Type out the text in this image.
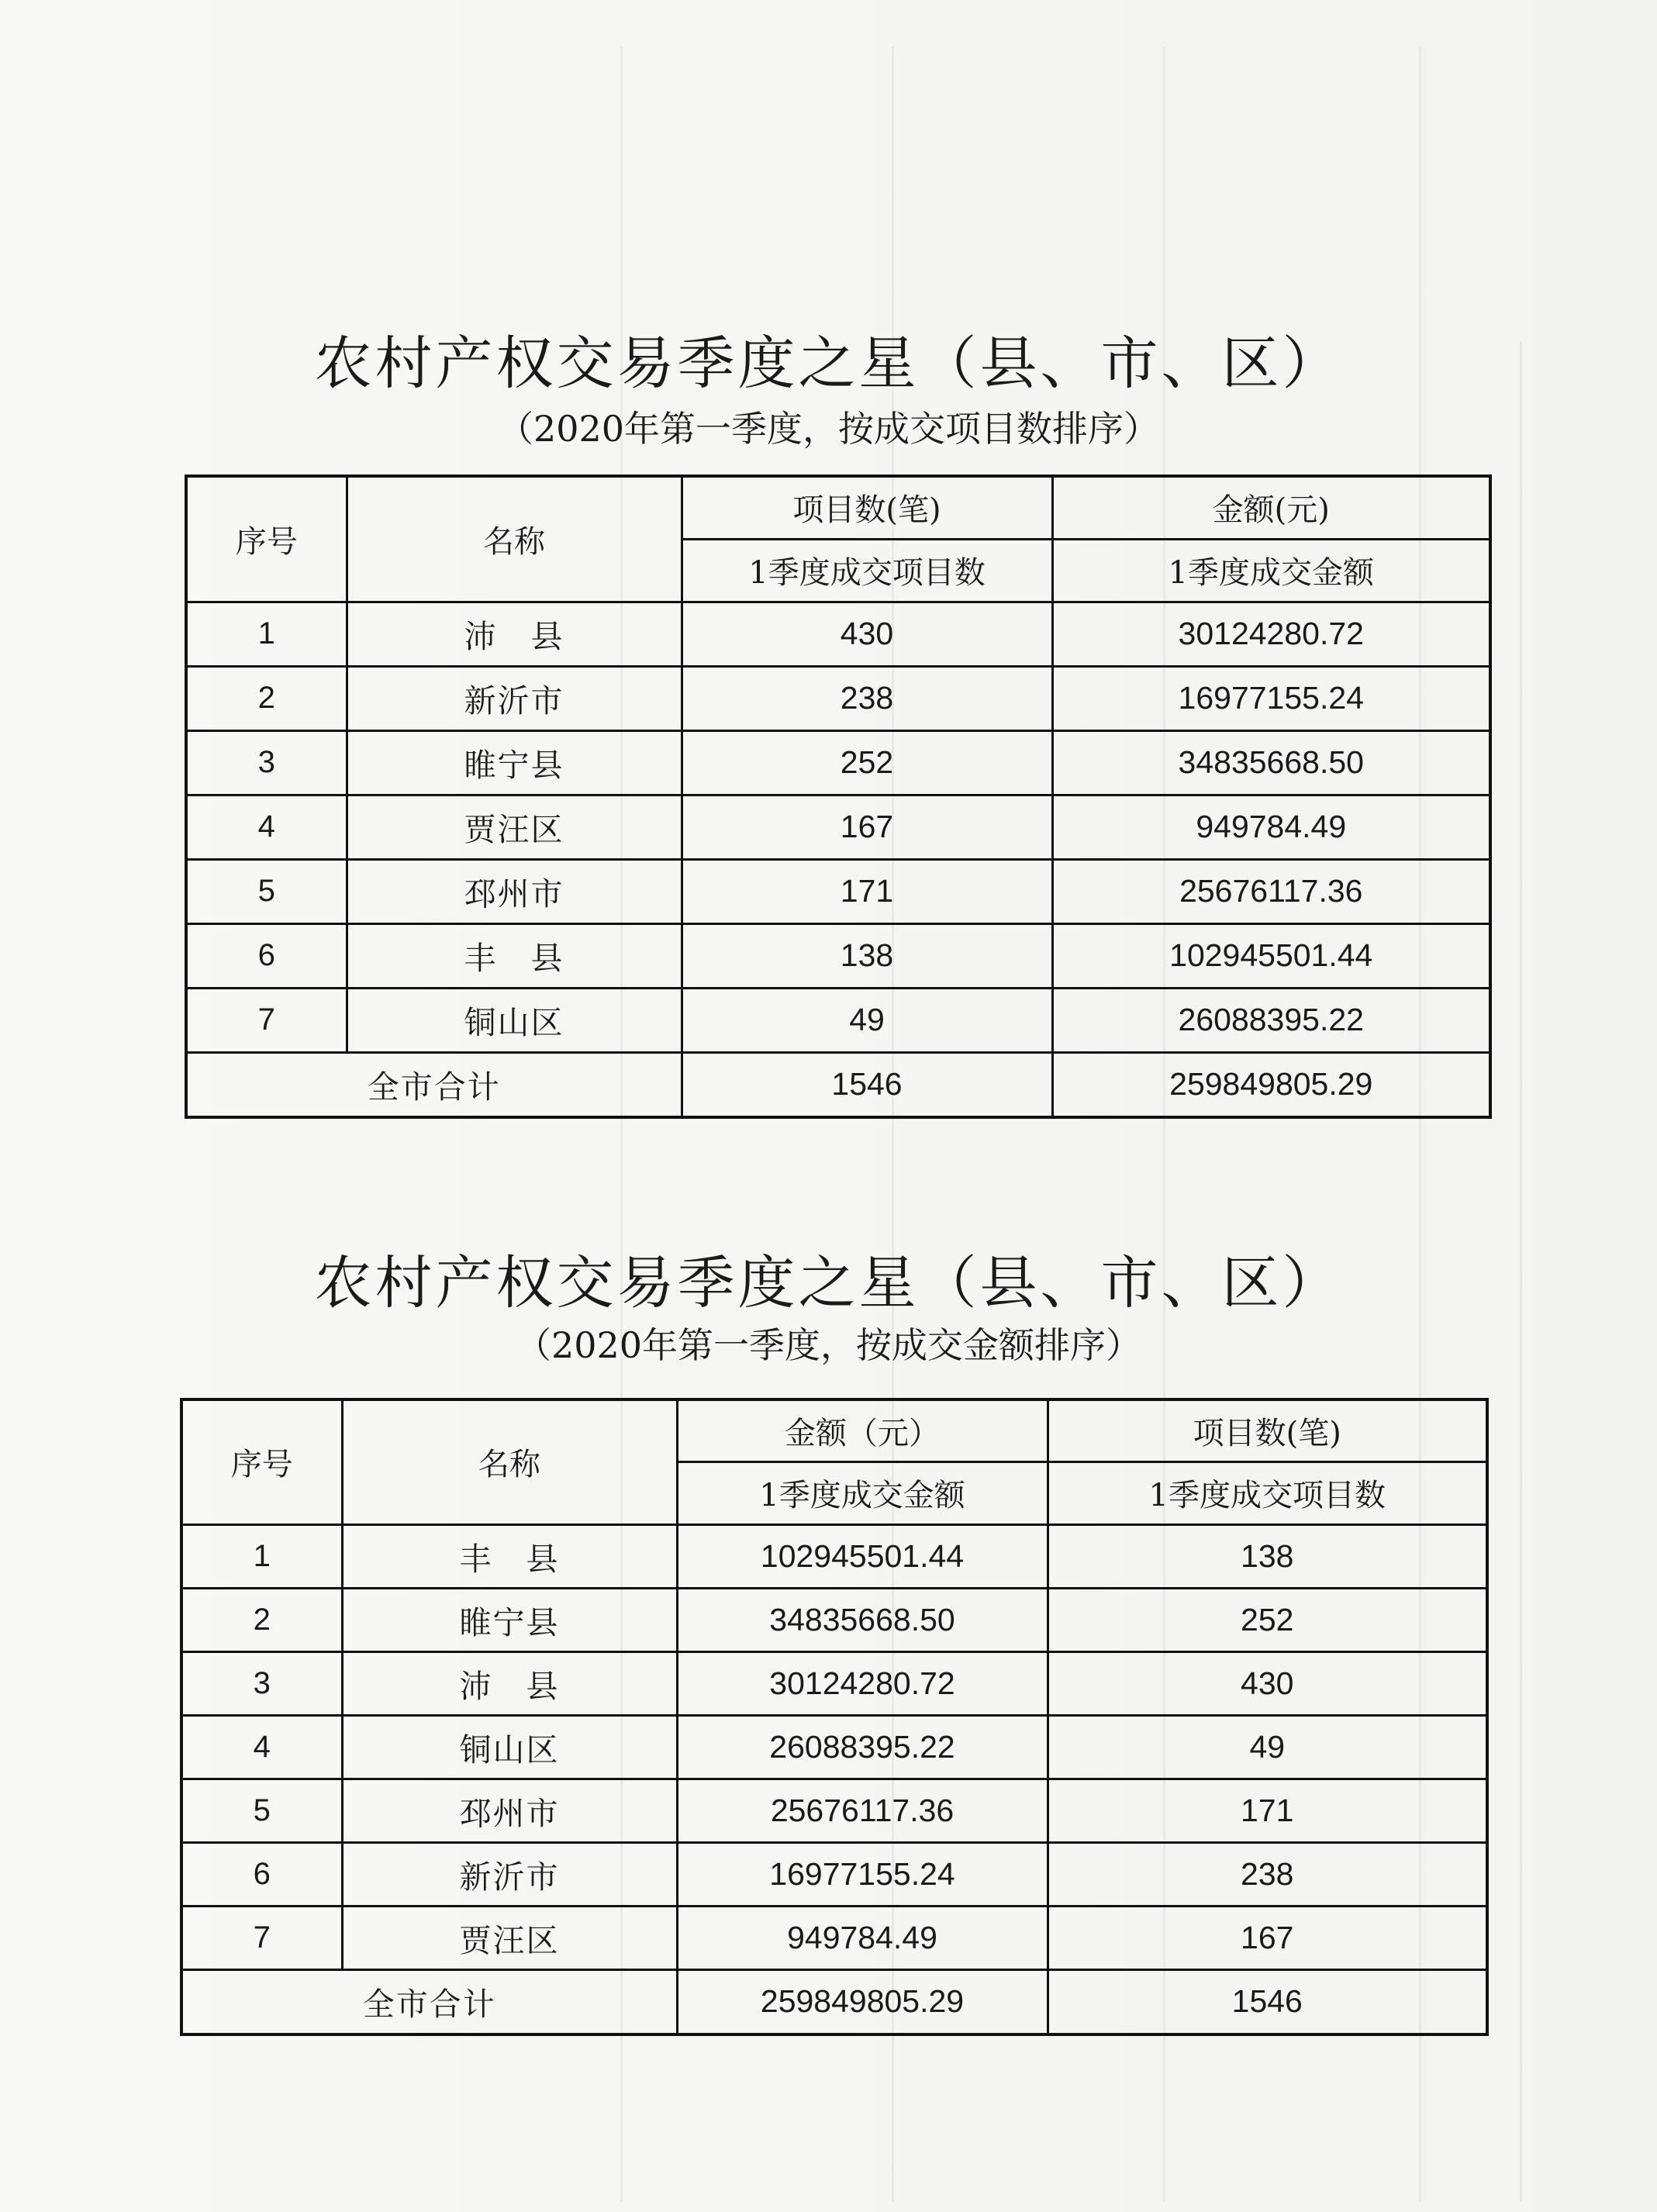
农村产权交易季度之星（县、市、区）
（2020年第一季度，按成交项目数排序）
序号	名称	项目数(笔)	金额(元)
		1季度成交项目数	1季度成交金额
1	沛　县	430	30124280.72
2	新沂市	238	16977155.24
3	睢宁县	252	34835668.50
4	贾汪区	167	949784.49
5	邳州市	171	25676117.36
6	丰　县	138	102945501.44
7	铜山区	49	26088395.22
全市合计		1546	259849805.29
农村产权交易季度之星（县、市、区）
（2020年第一季度，按成交金额排序）
序号	名称	金额（元）	项目数(笔)
		1季度成交金额	1季度成交项目数
1	丰　县	102945501.44	138
2	睢宁县	34835668.50	252
3	沛　县	30124280.72	430
4	铜山区	26088395.22	49
5	邳州市	25676117.36	171
6	新沂市	16977155.24	238
7	贾汪区	949784.49	167
全市合计		259849805.29	1546
